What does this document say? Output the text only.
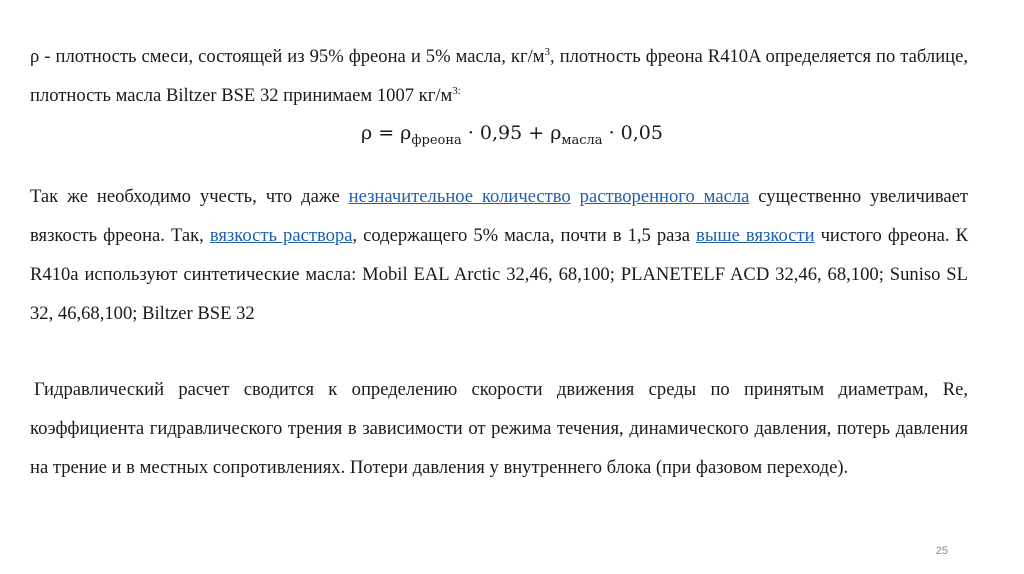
ρ - плотность смеси, состоящей из 95% фреона и 5% масла, $кг/м^3$, плотность фреона R410A определяется по таблице, плотность масла Biltzer BSE 32 принимаем 1007 $кг/м^{3:}$

$\rho = \rho_{фреона} \cdot 0,95 + \rho_{масла} \cdot 0,05$

Так же необходимо учесть, что даже незначительное количество растворенного масла существенно увеличивает вязкость фреона. Так, вязкость раствора, содержащего 5% масла, почти в 1,5 раза выше вязкости чистого фреона. К R410a используют синтетические масла: Mobil EAL Arctic 32,46, 68,100; PLANETELF ACD 32,46, 68,100; Suniso SL 32, 46,68,100; Biltzer BSE 32

Гидравлический расчет сводится к определению скорости движения среды по принятым диаметрам, Re, коэффициента гидравлического трения в зависимости от режима течения, динамического давления, потерь давления на трение и в местных сопротивлениях. Потери давления у внутреннего блока (при фазовом переходе).

25
